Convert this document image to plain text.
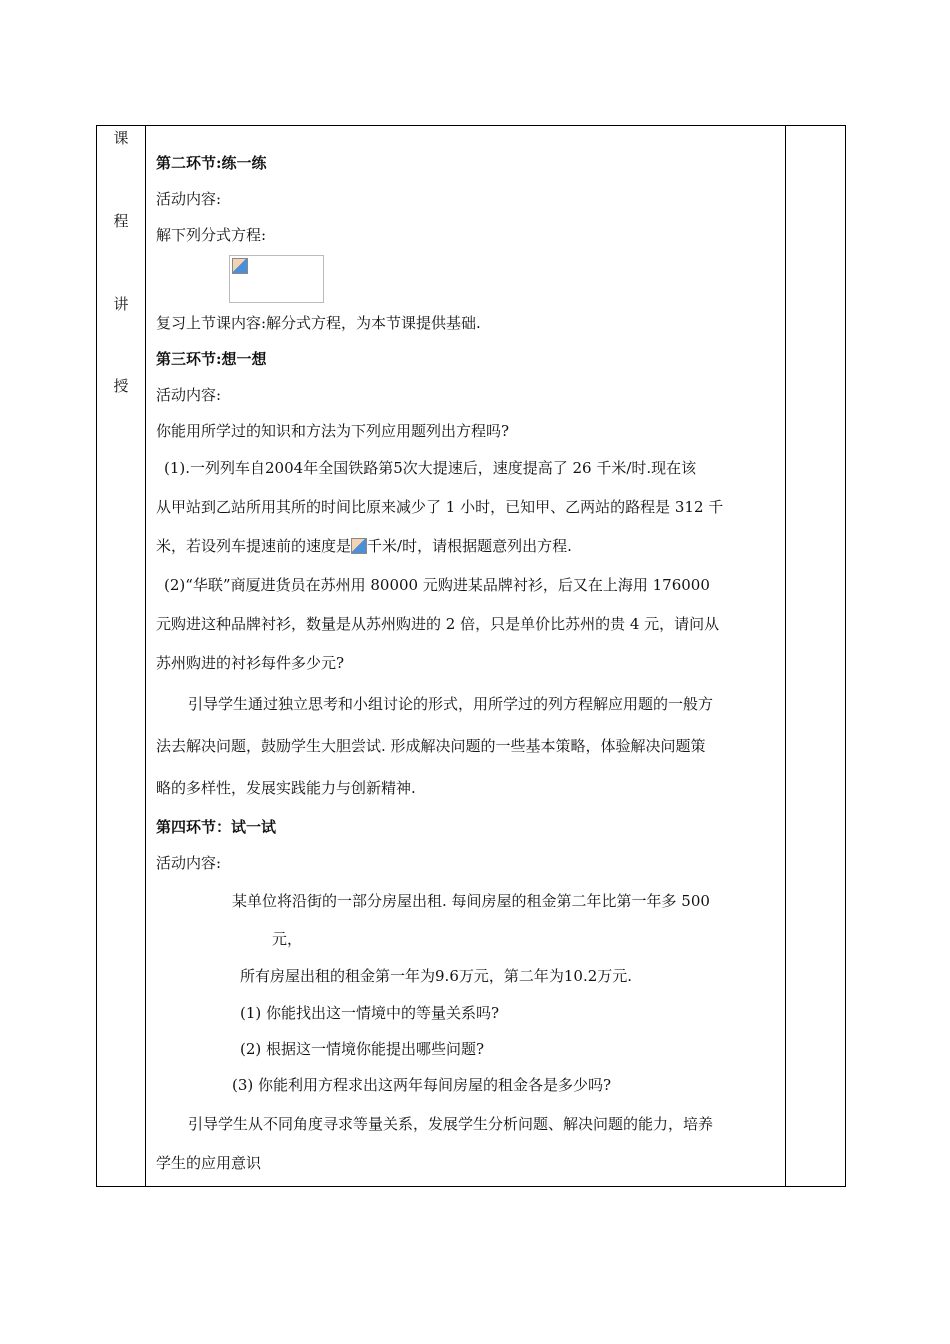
课
程
讲
授
第二环节:练一练
活动内容:
解下列分式方程:
复习上节课内容:解分式方程，为本节课提供基础.
第三环节:想一想
活动内容:
你能用所学过的知识和方法为下列应用题列出方程吗?
(1).一列列车自2004年全国铁路第5次大提速后，速度提高了 26 千米/时.现在该
从甲站到乙站所用其所的时间比原来减少了 1 小时，已知甲、乙两站的路程是 312 千
米，若设列车提速前的速度是 千米/时，请根据题意列出方程.
(2)“华联”商厦进货员在苏州用 80000 元购进某品牌衬衫，后又在上海用 176000
元购进这种品牌衬衫，数量是从苏州购进的 2 倍，只是单价比苏州的贵 4 元，请问从
苏州购进的衬衫每件多少元?
引导学生通过独立思考和小组讨论的形式，用所学过的列方程解应用题的一般方
法去解决问题，鼓励学生大胆尝试. 形成解决问题的一些基本策略，体验解决问题策
略的多样性，发展实践能力与创新精神.
第四环节：试一试
活动内容:
某单位将沿街的一部分房屋出租. 每间房屋的租金第二年比第一年多 500
元，
所有房屋出租的租金第一年为9.6万元，第二年为10.2万元.
(1) 你能找出这一情境中的等量关系吗?
(2) 根据这一情境你能提出哪些问题?
(3) 你能利用方程求出这两年每间房屋的租金各是多少吗?
引导学生从不同角度寻求等量关系，发展学生分析问题、解决问题的能力，培养
学生的应用意识
